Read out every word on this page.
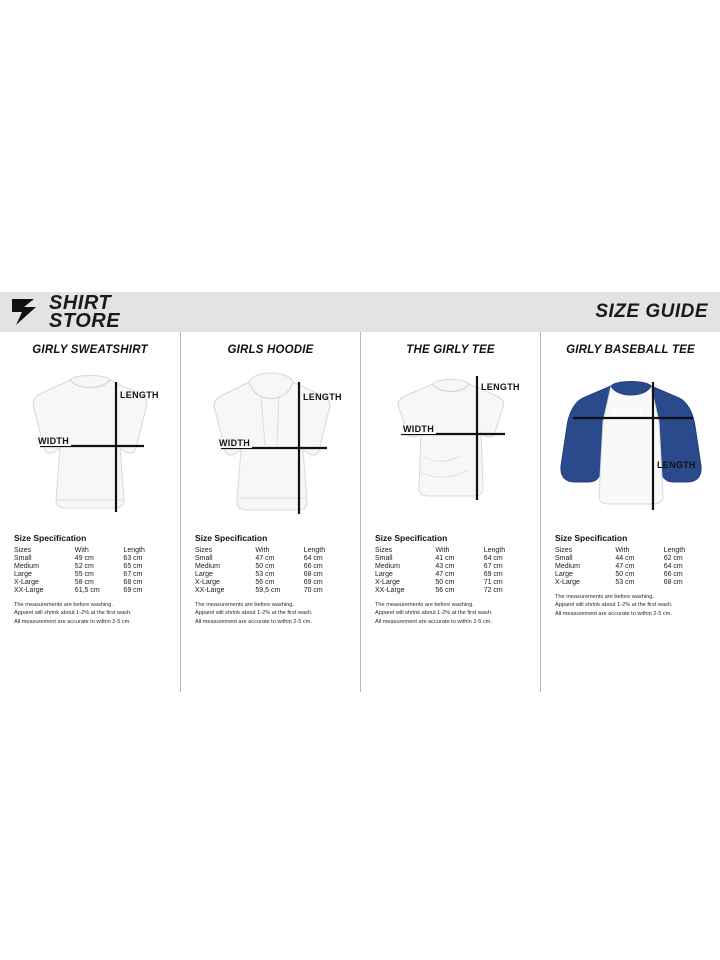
SHIRT
STORE	SIZE GUIDE
GIRLY SWEATSHIRT
WIDTH
LENGTH
Size Specification
Sizes	With	Length
Small	49 cm	63 cm
Medium	52 cm	65 cm
Large	55 cm	67 cm
X-Large	58 cm	68 cm
XX-Large	61,5 cm	69 cm
The measurements are before washing.
Apparel will shrink about 1-2% at the first wash.
All measurement are accurate to within 2-5 cm.
GIRLS HOODIE
WIDTH
LENGTH
Size Specification
Sizes	With	Length
Small	47 cm	64 cm
Medium	50 cm	66 cm
Large	53 cm	68 cm
X-Large	56 cm	69 cm
XX-Large	59,5 cm	70 cm
The measurements are before washing.
Apparel will shrink about 1-2% at the first wash.
All measurement are accurate to within 2-5 cm.
THE GIRLY TEE
WIDTH
LENGTH
Size Specification
Sizes	With	Length
Small	41 cm	64 cm
Medium	43 cm	67 cm
Large	47 cm	69 cm
X-Large	50 cm	71 cm
XX-Large	56 cm	72 cm
The measurements are before washing.
Apparel will shrink about 1-2% at the first wash.
All measurement are accurate to within 2-5 cm.
GIRLY BASEBALL TEE
WIDTH
LENGTH
Size Specification
Sizes	With	Length
Small	44 cm	62 cm
Medium	47 cm	64 cm
Large	50 cm	66 cm
X-Large	53 cm	68 cm
The measurements are before washing.
Apparel will shrink about 1-2% at the first wash.
All measurement are accurate to within 2-5 cm.
